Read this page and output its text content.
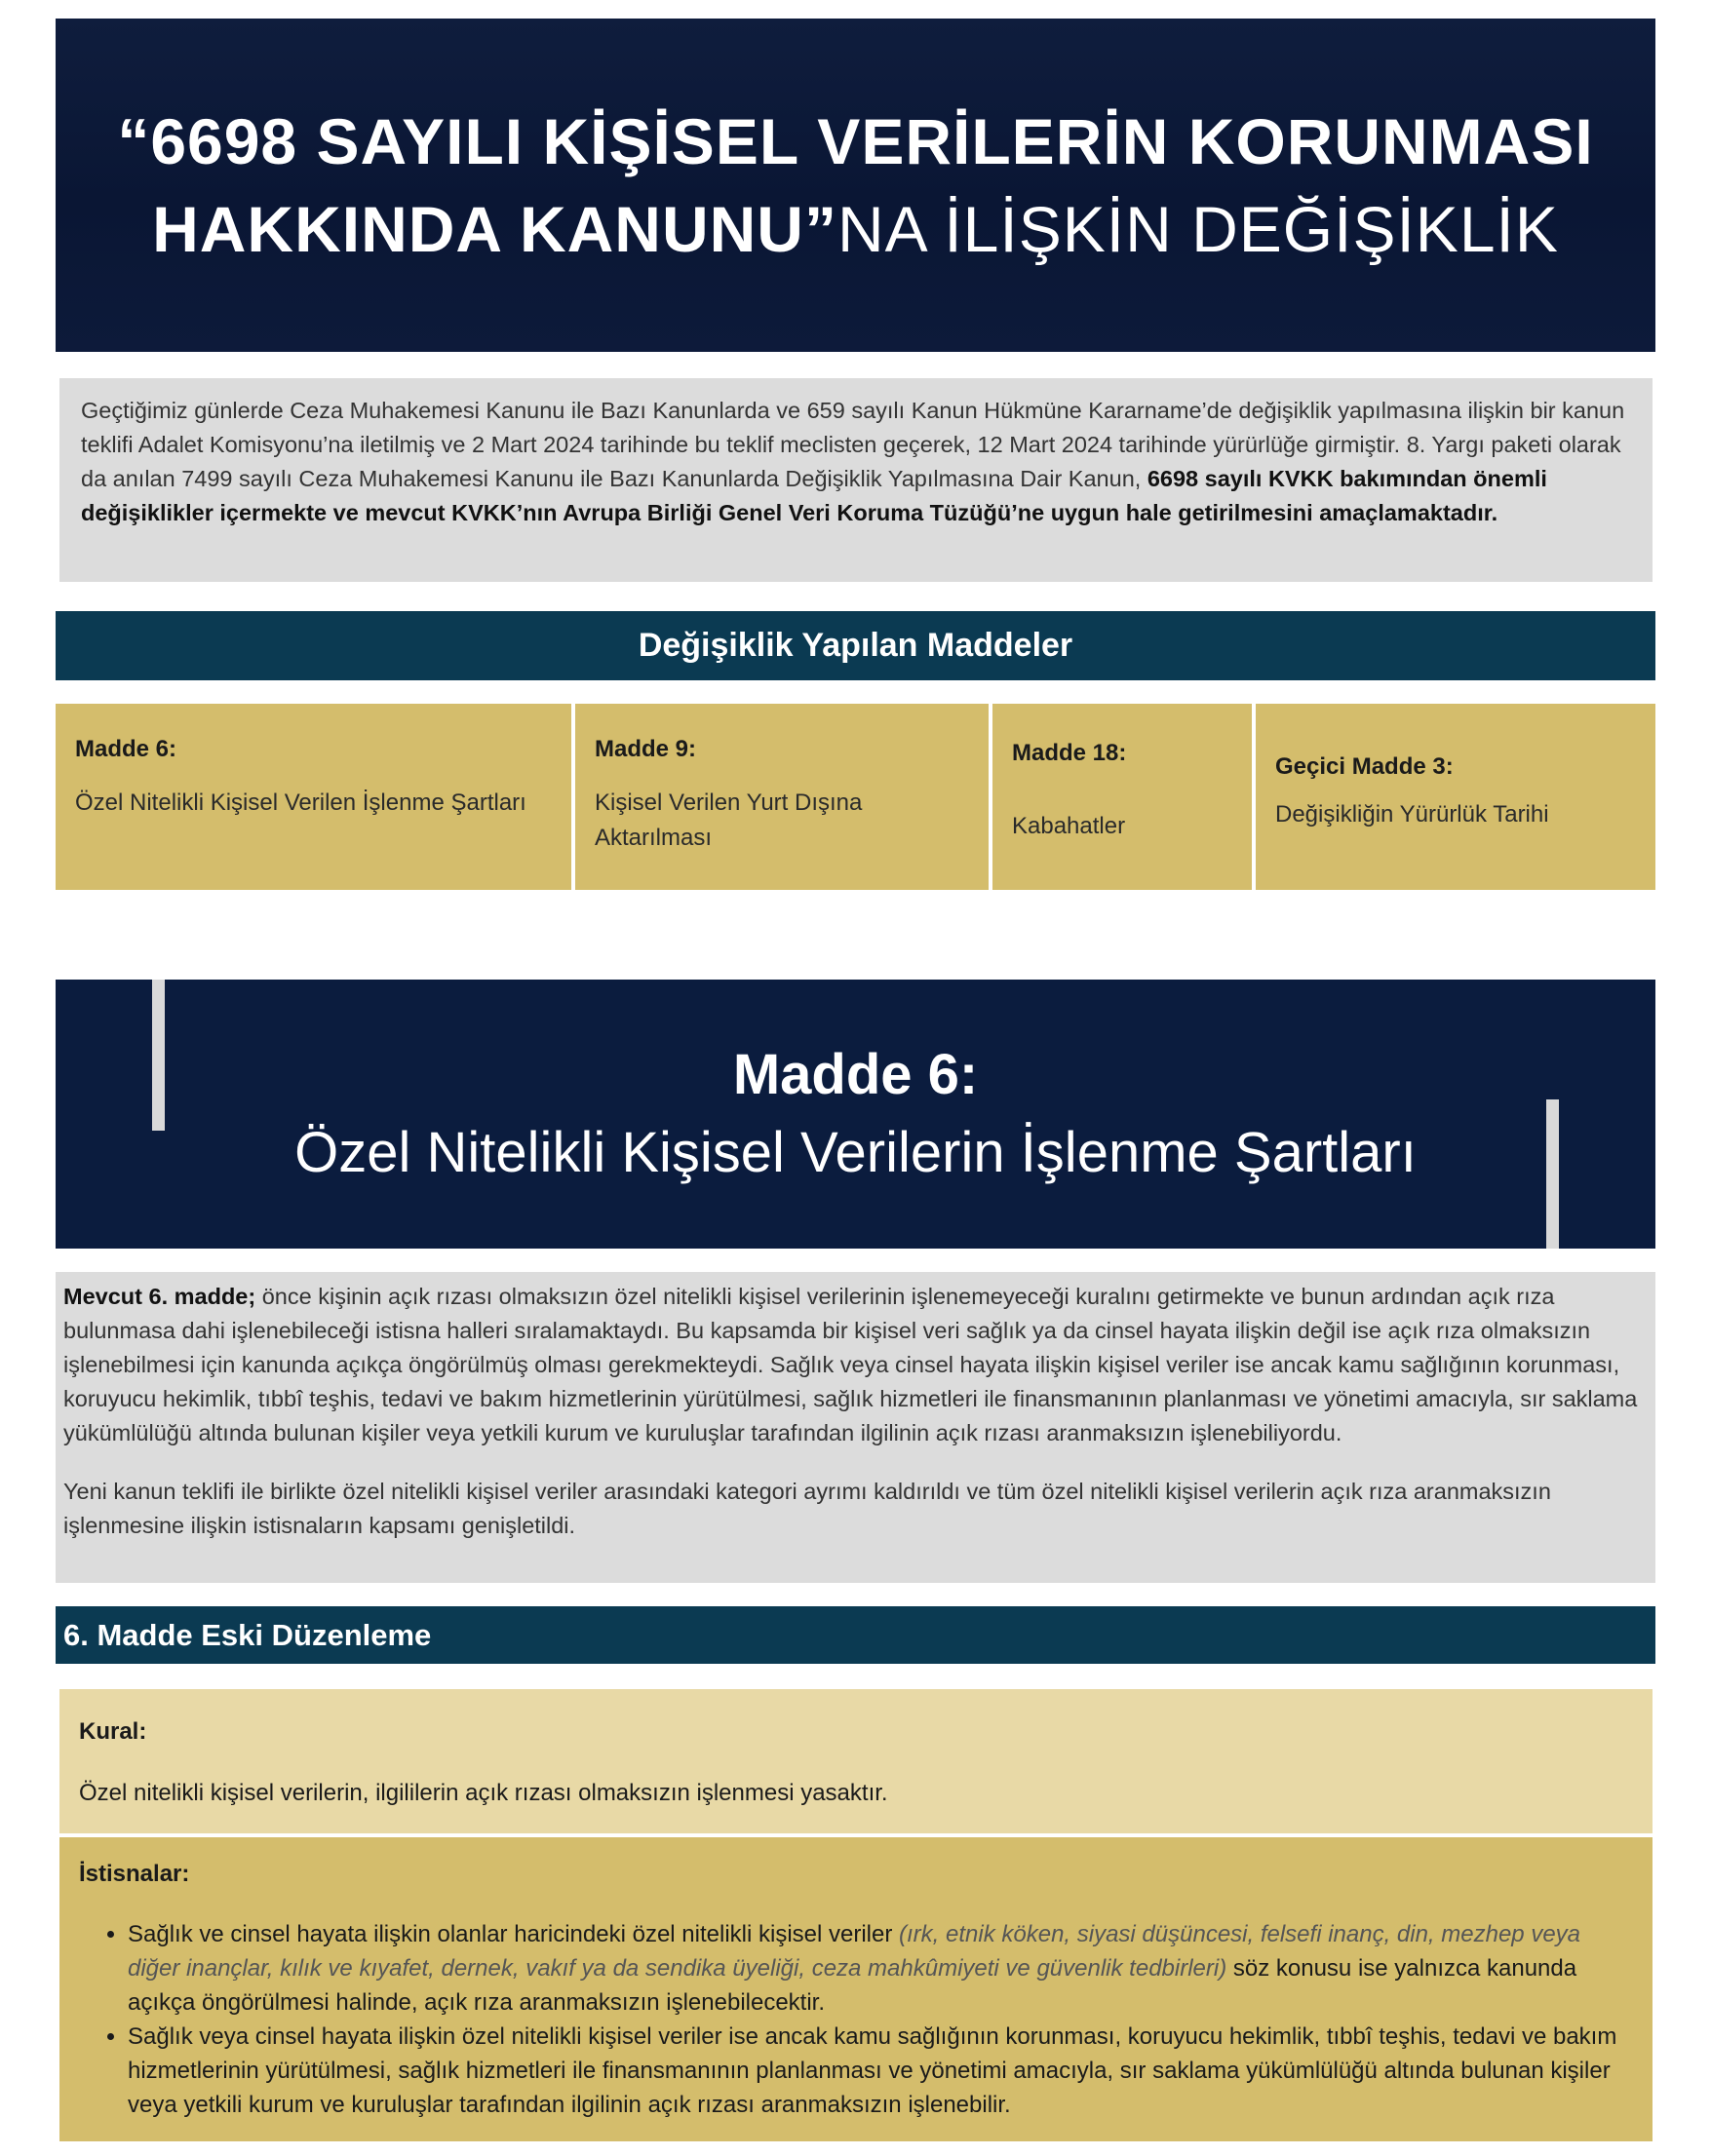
“6698 SAYILI KİŞİSEL VERİLERİN KORUNMASI HAKKINDA KANUNU”NA İLİŞKİN DEĞİŞİKLİK
Geçtiğimiz günlerde Ceza Muhakemesi Kanunu ile Bazı Kanunlarda ve 659 sayılı Kanun Hükmüne Kararname’de değişiklik yapılmasına ilişkin bir kanun teklifi Adalet Komisyonu’na iletilmiş ve 2 Mart 2024 tarihinde bu teklif meclisten geçerek, 12 Mart 2024 tarihinde yürürlüğe girmiştir. 8. Yargı paketi olarak da anılan 7499 sayılı Ceza Muhakemesi Kanunu ile Bazı Kanunlarda Değişiklik Yapılmasına Dair Kanun, 6698 sayılı KVKK bakımından önemli değişiklikler içermekte ve mevcut KVKK’nın Avrupa Birliği Genel Veri Koruma Tüzüğü’ne uygun hale getirilmesini amaçlamaktadır.
Değişiklik Yapılan Maddeler
Madde 6:
Özel Nitelikli Kişisel Verilen İşlenme Şartları
Madde 9:
Kişisel Verilen Yurt Dışına Aktarılması
Madde 18:
Kabahatler
Geçici Madde 3:
Değişikliğin Yürürlük Tarihi
Madde 6:
Özel Nitelikli Kişisel Verilerin İşlenme Şartları

Mevcut 6. madde; önce kişinin açık rızası olmaksızın özel nitelikli kişisel verilerinin işlenemeyeceği kuralını getirmekte ve bunun ardından açık rıza bulunmasa dahi işlenebileceği istisna halleri sıralamaktaydı. Bu kapsamda bir kişisel veri sağlık ya da cinsel hayata ilişkin değil ise açık rıza olmaksızın işlenebilmesi için kanunda açıkça öngörülmüş olması gerekmekteydi. Sağlık veya cinsel hayata ilişkin kişisel veriler ise ancak kamu sağlığının korunması, koruyucu hekimlik, tıbbî teşhis, tedavi ve bakım hizmetlerinin yürütülmesi, sağlık hizmetleri ile finansmanının planlanması ve yönetimi amacıyla, sır saklama yükümlülüğü altında bulunan kişiler veya yetkili kurum ve kuruluşlar tarafından ilgilinin açık rızası aranmaksızın işlenebiliyordu.

Yeni kanun teklifi ile birlikte özel nitelikli kişisel veriler arasındaki kategori ayrımı kaldırıldı ve tüm özel nitelikli kişisel verilerin açık rıza aranmaksızın işlenmesine ilişkin istisnaların kapsamı genişletildi.

6. Madde Eski Düzenleme
Kural:
Özel nitelikli kişisel verilerin, ilgililerin açık rızası olmaksızın işlenmesi yasaktır.
İstisnalar:
• Sağlık ve cinsel hayata ilişkin olanlar haricindeki özel nitelikli kişisel veriler (ırk, etnik köken, siyasi düşüncesi, felsefi inanç, din, mezhep veya diğer inançlar, kılık ve kıyafet, dernek, vakıf ya da sendika üyeliği, ceza mahkûmiyeti ve güvenlik tedbirleri) söz konusu ise yalnızca kanunda açıkça öngörülmesi halinde, açık rıza aranmaksızın işlenebilecektir.
• Sağlık veya cinsel hayata ilişkin özel nitelikli kişisel veriler ise ancak kamu sağlığının korunması, koruyucu hekimlik, tıbbî teşhis, tedavi ve bakım hizmetlerinin yürütülmesi, sağlık hizmetleri ile finansmanının planlanması ve yönetimi amacıyla, sır saklama yükümlülüğü altında bulunan kişiler veya yetkili kurum ve kuruluşlar tarafından ilgilinin açık rızası aranmaksızın işlenebilir.
